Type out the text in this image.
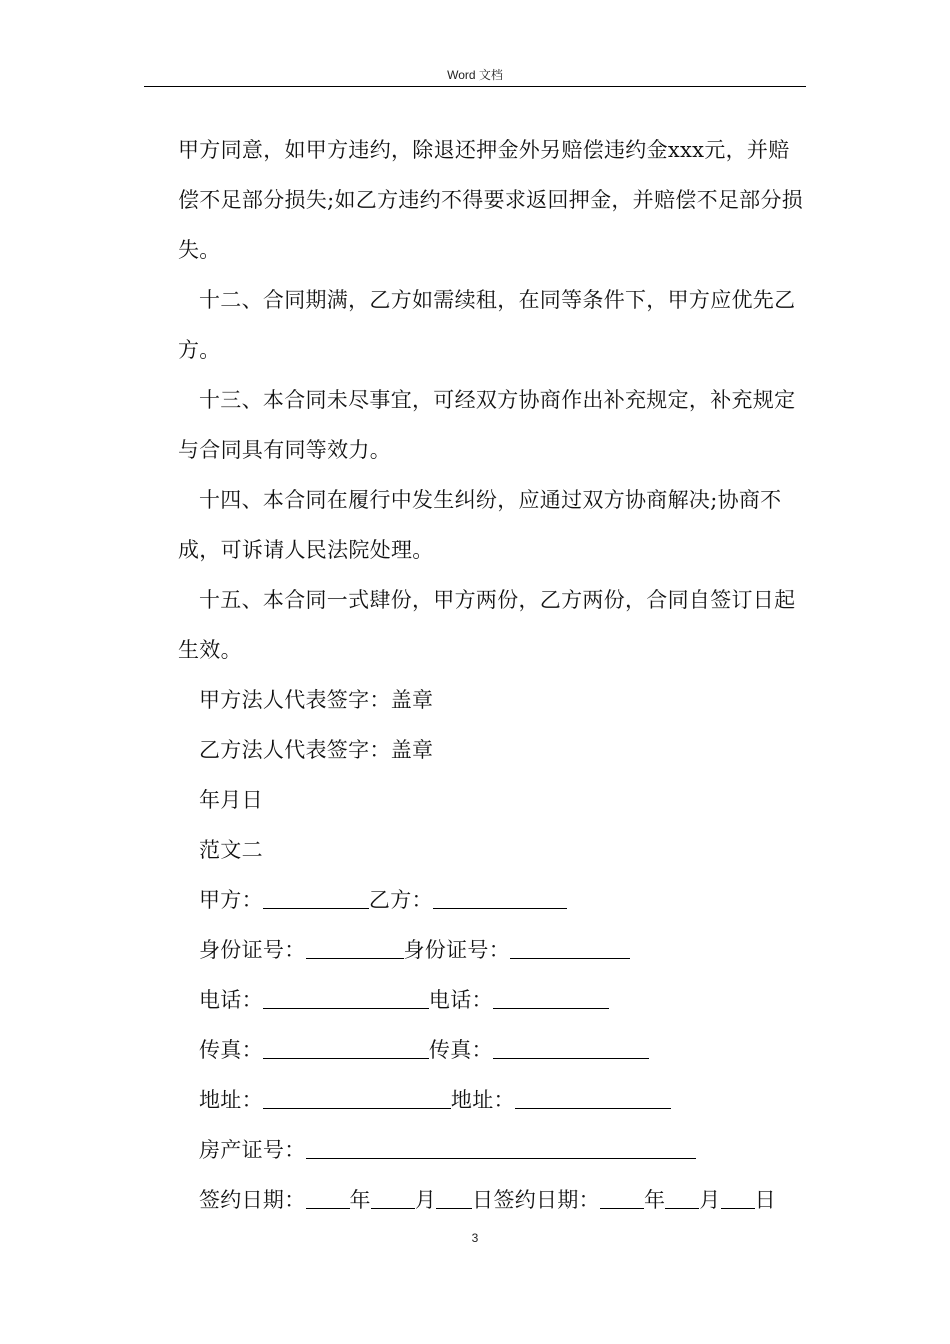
Word 文档

甲方同意，如甲方违约，除退还押金外另赔偿违约金xxx元，并赔偿不足部分损失;如乙方违约不得要求返回押金，并赔偿不足部分损失。

十二、合同期满，乙方如需续租，在同等条件下，甲方应优先乙方。

十三、本合同未尽事宜，可经双方协商作出补充规定，补充规定与合同具有同等效力。

十四、本合同在履行中发生纠纷，应通过双方协商解决;协商不成，可诉请人民法院处理。

十五、本合同一式肆份，甲方两份，乙方两份，合同自签订日起生效。

甲方法人代表签字：盖章

乙方法人代表签字：盖章

年月日

范文二

甲方：	乙方：

身份证号：	身份证号：

电话：	电话：

传真：	传真：

地址：	地址：

房产证号：

签约日期： 年 月 日签约日期： 年 月 日

3
